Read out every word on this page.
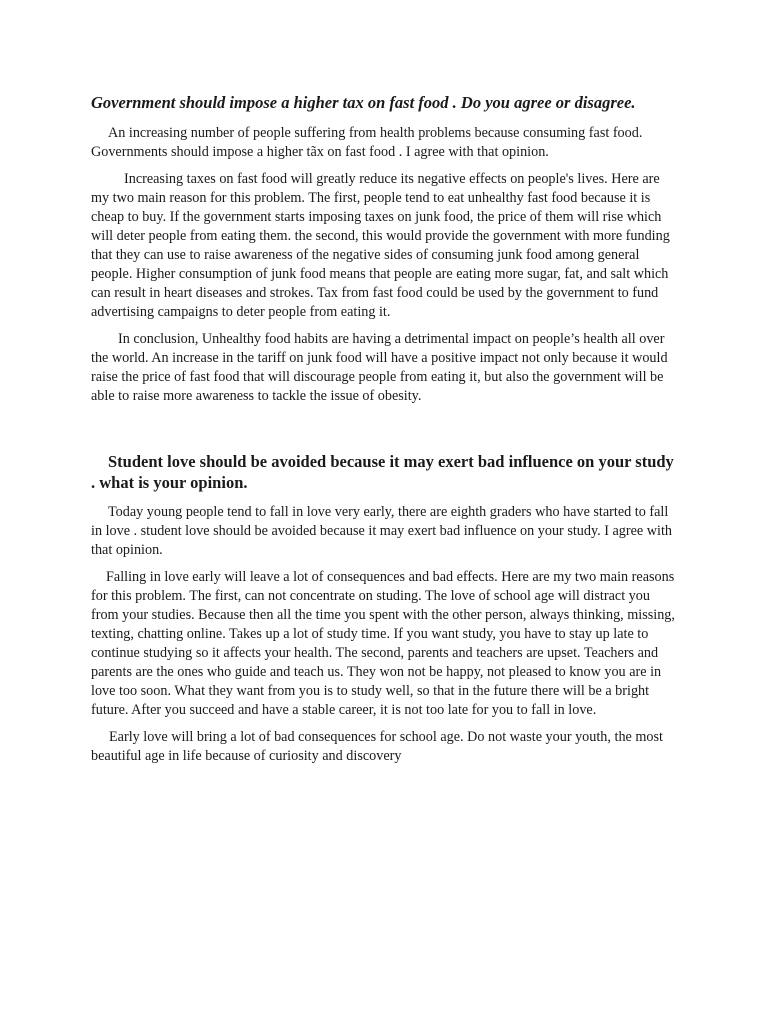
Government should impose a higher tax on fast food . Do you agree or disagree.

An increasing number of people suffering from health problems because consuming fast food. Governments should impose a higher tãx on fast food . I agree with that opinion.

Increasing taxes on fast food will greatly reduce its negative effects on people's lives. Here are my two main reason for this problem. The first, people tend to eat unhealthy fast food because it is cheap to buy. If the government starts imposing taxes on junk food, the price of them will rise which will deter people from eating them. the second, this would provide the government with more funding that they can use to raise awareness of the negative sides of consuming junk food among general people. Higher consumption of junk food means that people are eating more sugar, fat, and salt which can result in heart diseases and strokes. Tax from fast food could be used by the government to fund advertising campaigns to deter people from eating it.

In conclusion, Unhealthy food habits are having a detrimental impact on people’s health all over the world. An increase in the tariff on junk food will have a positive impact not only because it would raise the price of fast food that will discourage people from eating it, but also the government will be able to raise more awareness to tackle the issue of obesity.

Student love should be avoided because it may exert bad influence on your study . what is your opinion.

Today young people tend to fall in love very early, there are eighth graders who have started to fall in love . student love should be avoided because it may exert bad influence on your study. I agree with that opinion.

Falling in love early will leave a lot of consequences and bad effects. Here are my two main reasons for this problem. The first, can not concentrate on studing. The love of school age will distract you from your studies. Because then all the time you spent with the other person, always thinking, missing, texting, chatting online. Takes up a lot of study time. If you want study, you have to stay up late to continue studying so it affects your health. The second, parents and teachers are upset. Teachers and parents are the ones who guide and teach us. They won not be happy, not pleased to know you are in love too soon. What they want from you is to study well, so that in the future there will be a bright future. After you succeed and have a stable career, it is not too late for you to fall in love.

Early love will bring a lot of bad consequences for school age. Do not waste your youth, the most beautiful age in life because of curiosity and discovery
